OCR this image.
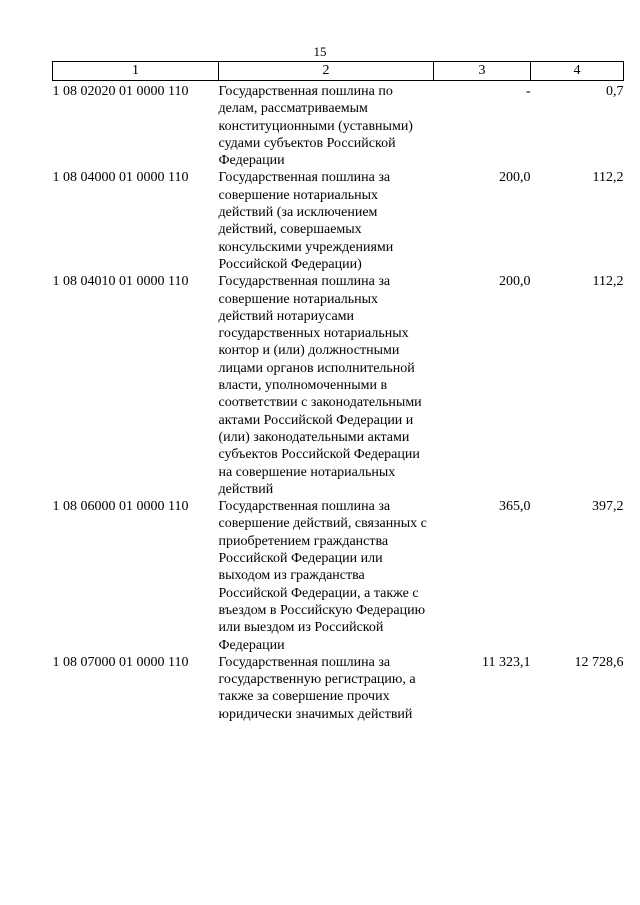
15
1	2	3	4
1 08 02020 01 0000 110	Государственная пошлина по делам, рассматриваемым конституционными (уставными) судами субъектов Российской Федерации	-	0,7
1 08 04000 01 0000 110	Государственная пошлина за совершение нотариальных действий (за исключением действий, совершаемых консульскими учреждениями Российской Федерации)	200,0	112,2
1 08 04010 01 0000 110	Государственная пошлина за совершение нотариальных действий нотариусами государственных нотариальных контор и (или) должностными лицами органов исполнительной власти, уполномоченными в соответствии с законодательными актами Российской Федерации и (или) законодательными актами субъектов Российской Федерации на совершение нотариальных действий	200,0	112,2
1 08 06000 01 0000 110	Государственная пошлина за совершение действий, связанных с приобретением гражданства Российской Федерации или выходом из гражданства Российской Федерации, а также с въездом в Российскую Федерацию или выездом из Российской Федерации	365,0	397,2
1 08 07000 01 0000 110	Государственная пошлина за государственную регистрацию, а также за совершение прочих юридически значимых действий	11 323,1	12 728,6
